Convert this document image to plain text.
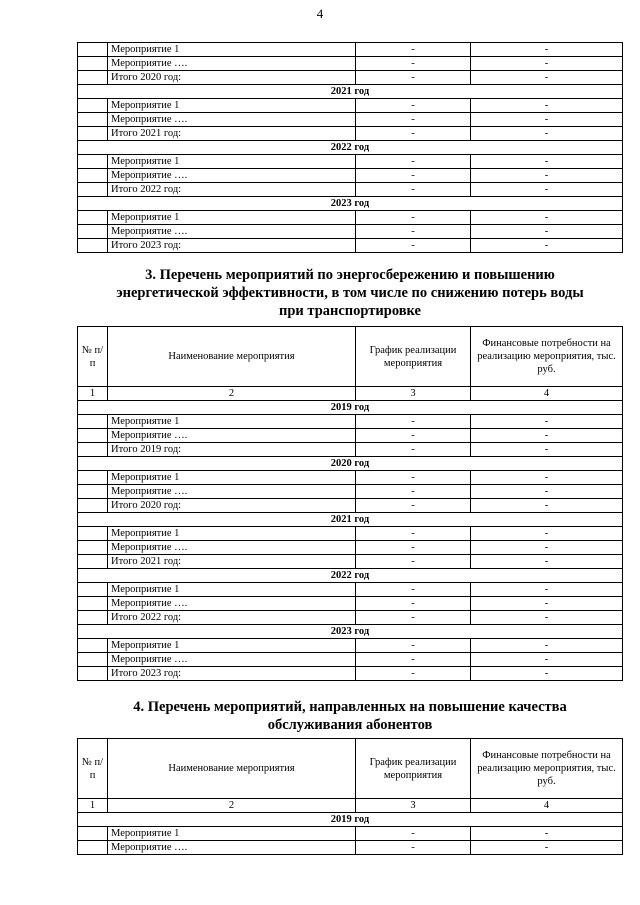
4
	Мероприятие 1	-	-
	Мероприятие ….	-	-
	Итого 2020 год:	-	-
2021 год			
	Мероприятие 1	-	-
	Мероприятие ….	-	-
	Итого 2021 год:	-	-
2022 год			
	Мероприятие 1	-	-
	Мероприятие ….	-	-
	Итого 2022 год:	-	-
2023 год			
	Мероприятие 1	-	-
	Мероприятие ….	-	-
	Итого 2023 год:	-	-
3. Перечень мероприятий по энергосбережению и повышению
энергетической эффективности, в том числе по снижению потерь воды
при транспортировке
№ п/п	Наименование мероприятия	График реализации мероприятия	Финансовые потребности на реализацию мероприятия, тыс. руб.
1	2	3	4
2019 год			
	Мероприятие 1	-	-
	Мероприятие ….	-	-
	Итого 2019 год:	-	-
2020 год			
	Мероприятие 1	-	-
	Мероприятие ….	-	-
	Итого 2020 год:	-	-
2021 год			
	Мероприятие 1	-	-
	Мероприятие ….	-	-
	Итого 2021 год:	-	-
2022 год			
	Мероприятие 1	-	-
	Мероприятие ….	-	-
	Итого 2022 год:	-	-
2023 год			
	Мероприятие 1	-	-
	Мероприятие ….	-	-
	Итого 2023 год:	-	-
4. Перечень мероприятий, направленных на повышение качества
обслуживания абонентов
№ п/п	Наименование мероприятия	График реализации мероприятия	Финансовые потребности на реализацию мероприятия, тыс. руб.
1	2	3	4
2019 год			
	Мероприятие 1	-	-
	Мероприятие ….	-	-
